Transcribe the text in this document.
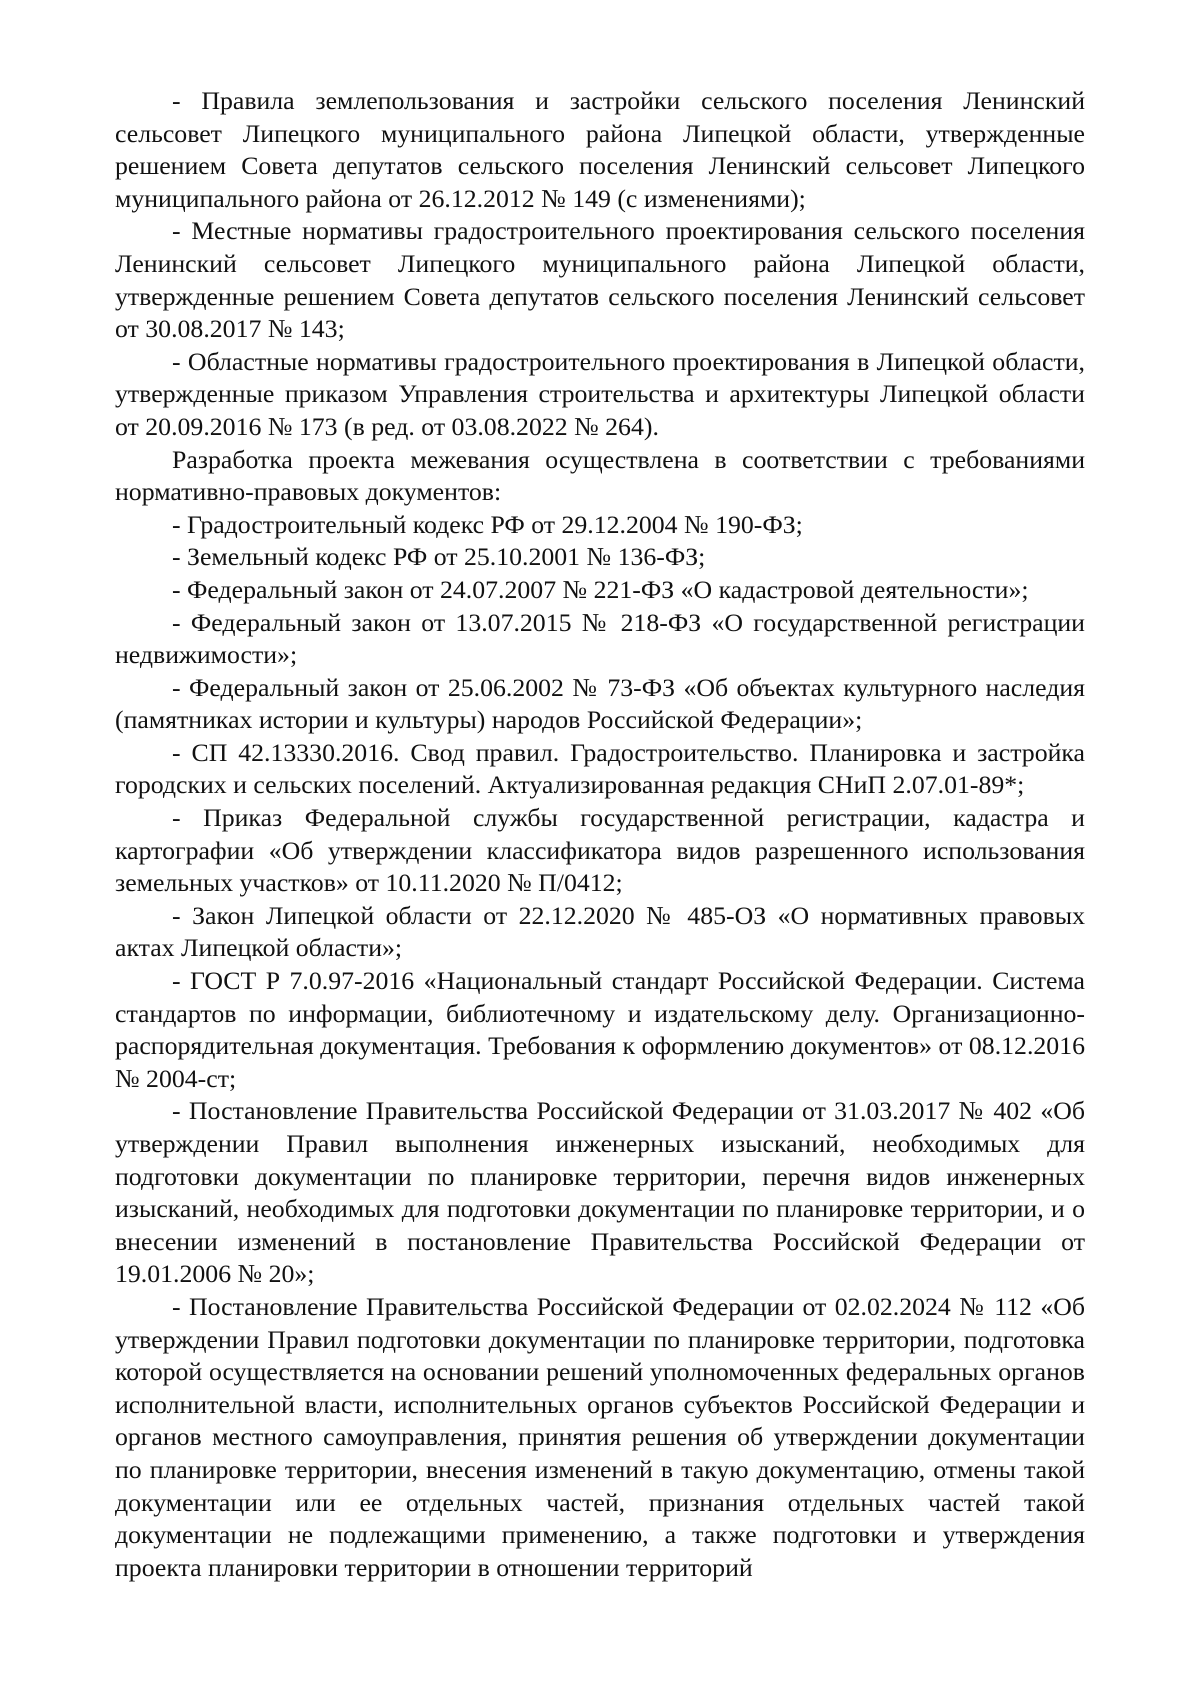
- Правила землепользования и застройки сельского поселения Ленинский сельсовет Липецкого муниципального района Липецкой области, утвержденные решением Совета депутатов сельского поселения Ленинский сельсовет Липецкого муниципального района от 26.12.2012 № 149 (с изменениями);

- Местные нормативы градостроительного проектирования сельского поселения Ленинский сельсовет Липецкого муниципального района Липецкой области, утвержденные решением Совета депутатов сельского поселения Ленинский сельсовет от 30.08.2017 № 143;

- Областные нормативы градостроительного проектирования в Липецкой области, утвержденные приказом Управления строительства и архитектуры Липецкой области от 20.09.2016 № 173 (в ред. от 03.08.2022 № 264).

Разработка проекта межевания осуществлена в соответствии с требованиями нормативно-правовых документов:

- Градостроительный кодекс РФ от 29.12.2004 № 190-ФЗ;

- Земельный кодекс РФ от 25.10.2001 № 136-ФЗ;

- Федеральный закон от 24.07.2007 № 221-ФЗ «О кадастровой деятельности»;

- Федеральный закон от 13.07.2015 № 218-ФЗ «О государственной регистрации недвижимости»;

- Федеральный закон от 25.06.2002 № 73-ФЗ «Об объектах культурного наследия (памятниках истории и культуры) народов Российской Федерации»;

- СП 42.13330.2016. Свод правил. Градостроительство. Планировка и застройка городских и сельских поселений. Актуализированная редакция СНиП 2.07.01-89*;

- Приказ Федеральной службы государственной регистрации, кадастра и картографии «Об утверждении классификатора видов разрешенного использования земельных участков» от 10.11.2020 № П/0412;

- Закон Липецкой области от 22.12.2020 № 485-ОЗ «О нормативных правовых актах Липецкой области»;

- ГОСТ Р 7.0.97-2016 «Национальный стандарт Российской Федерации. Система стандартов по информации, библиотечному и издательскому делу. Организационно-распорядительная документация. Требования к оформлению документов» от 08.12.2016 № 2004-ст;

- Постановление Правительства Российской Федерации от 31.03.2017 № 402 «Об утверждении Правил выполнения инженерных изысканий, необходимых для подготовки документации по планировке территории, перечня видов инженерных изысканий, необходимых для подготовки документации по планировке территории, и о внесении изменений в постановление Правительства Российской Федерации от 19.01.2006 № 20»;

- Постановление Правительства Российской Федерации от 02.02.2024 № 112 «Об утверждении Правил подготовки документации по планировке территории, подготовка которой осуществляется на основании решений уполномоченных федеральных органов исполнительной власти, исполнительных органов субъектов Российской Федерации и органов местного самоуправления, принятия решения об утверждении документации по планировке территории, внесения изменений в такую документацию, отмены такой документации или ее отдельных частей, признания отдельных частей такой документации не подлежащими применению, а также подготовки и утверждения проекта планировки территории в отношении территорий
